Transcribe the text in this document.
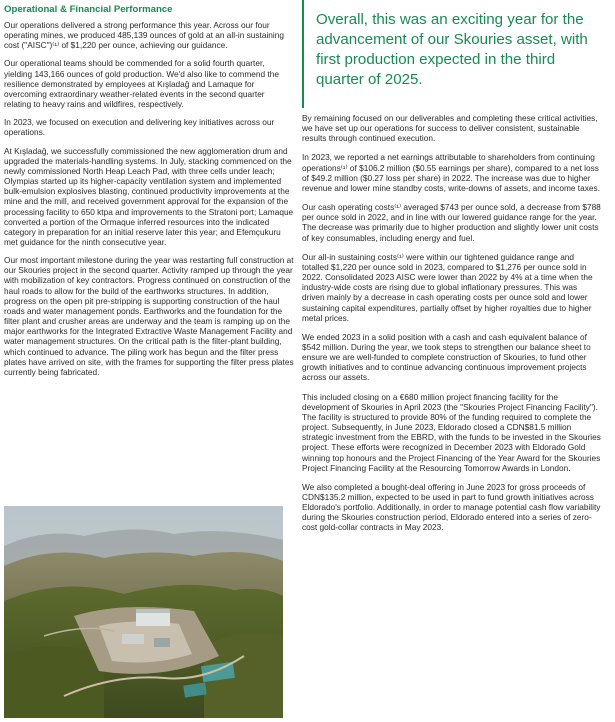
Operational & Financial Performance

Our operations delivered a strong performance this year. Across our four operating mines, we produced 485,139 ounces of gold at an all-in sustaining cost ("AISC")⁽¹⁾ of $1,220 per ounce, achieving our guidance.

Our operational teams should be commended for a solid fourth quarter, yielding 143,166 ounces of gold production. We'd also like to commend the resilience demonstrated by employees at Kışladağ and Lamaque for overcoming extraordinary weather-related events in the second quarter relating to heavy rains and wildfires, respectively.

In 2023, we focused on execution and delivering key initiatives across our operations.

At Kışladağ, we successfully commissioned the new agglomeration drum and upgraded the materials-handling systems. In July, stacking commenced on the newly commissioned North Heap Leach Pad, with three cells under leach; Olympias started up its higher-capacity ventilation system and implemented bulk-emulsion explosives blasting, continued productivity improvements at the mine and the mill, and received government approval for the expansion of the processing facility to 650 ktpa and improvements to the Stratoni port; Lamaque converted a portion of the Ormaque inferred resources into the indicated category in preparation for an initial reserve later this year; and Efemçukuru met guidance for the ninth consecutive year.

Our most important milestone during the year was restarting full construction at our Skouries project in the second quarter. Activity ramped up through the year with mobilization of key contractors. Progress continued on construction of the haul roads to allow for the build of the earthworks structures. In addition, progress on the open pit pre-stripping is supporting construction of the haul roads and water management ponds. Earthworks and the foundation for the filter plant and crusher areas are underway and the team is ramping up on the major earthworks for the Integrated Extractive Waste Management Facility and water management structures. On the critical path is the filter-plant building, which continued to advance. The piling work has begun and the filter press plates have arrived on site, with the frames for supporting the filter press plates currently being fabricated.

Overall, this was an exciting year for the advancement of our Skouries asset, with first production expected in the third quarter of 2025.

By remaining focused on our deliverables and completing these critical activities, we have set up our operations for success to deliver consistent, sustainable results through continued execution.

In 2023, we reported a net earnings attributable to shareholders from continuing operations⁽¹⁾ of $106.2 million ($0.55 earnings per share), compared to a net loss of $49.2 million ($0.27 loss per share) in 2022. The increase was due to higher revenue and lower mine standby costs, write-downs of assets, and income taxes.

Our cash operating costs⁽¹⁾ averaged $743 per ounce sold, a decrease from $788 per ounce sold in 2022, and in line with our lowered guidance range for the year. The decrease was primarily due to higher production and slightly lower unit costs of key consumables, including energy and fuel.

Our all-in sustaining costs⁽¹⁾ were within our tightened guidance range and totalled $1,220 per ounce sold in 2023, compared to $1,276 per ounce sold in 2022. Consolidated 2023 AISC were lower than 2022 by 4% at a time when the industry-wide costs are rising due to global inflationary pressures. This was driven mainly by a decrease in cash operating costs per ounce sold and lower sustaining capital expenditures, partially offset by higher royalties due to higher metal prices.

We ended 2023 in a solid position with a cash and cash equivalent balance of $542 million. During the year, we took steps to strengthen our balance sheet to ensure we are well-funded to complete construction of Skouries, to fund other growth initiatives and to continue advancing continuous improvement projects across our assets.

This included closing on a €680 million project financing facility for the development of Skouries in April 2023 (the "Skouries Project Financing Facility"). The facility is structured to provide 80% of the funding required to complete the project. Subsequently, in June 2023, Eldorado closed a CDN$81.5 million strategic investment from the EBRD, with the funds to be invested in the Skouries project. These efforts were recognized in December 2023 with Eldorado Gold winning top honours and the Project Financing of the Year Award for the Skouries Project Financing Facility at the Resourcing Tomorrow Awards in London.

We also completed a bought-deal offering in June 2023 for gross proceeds of CDN$135.2 million, expected to be used in part to fund growth initiatives across Eldorado's portfolio. Additionally, in order to manage potential cash flow variability during the Skouries construction period, Eldorado entered into a series of zero-cost gold-collar contracts in May 2023.
